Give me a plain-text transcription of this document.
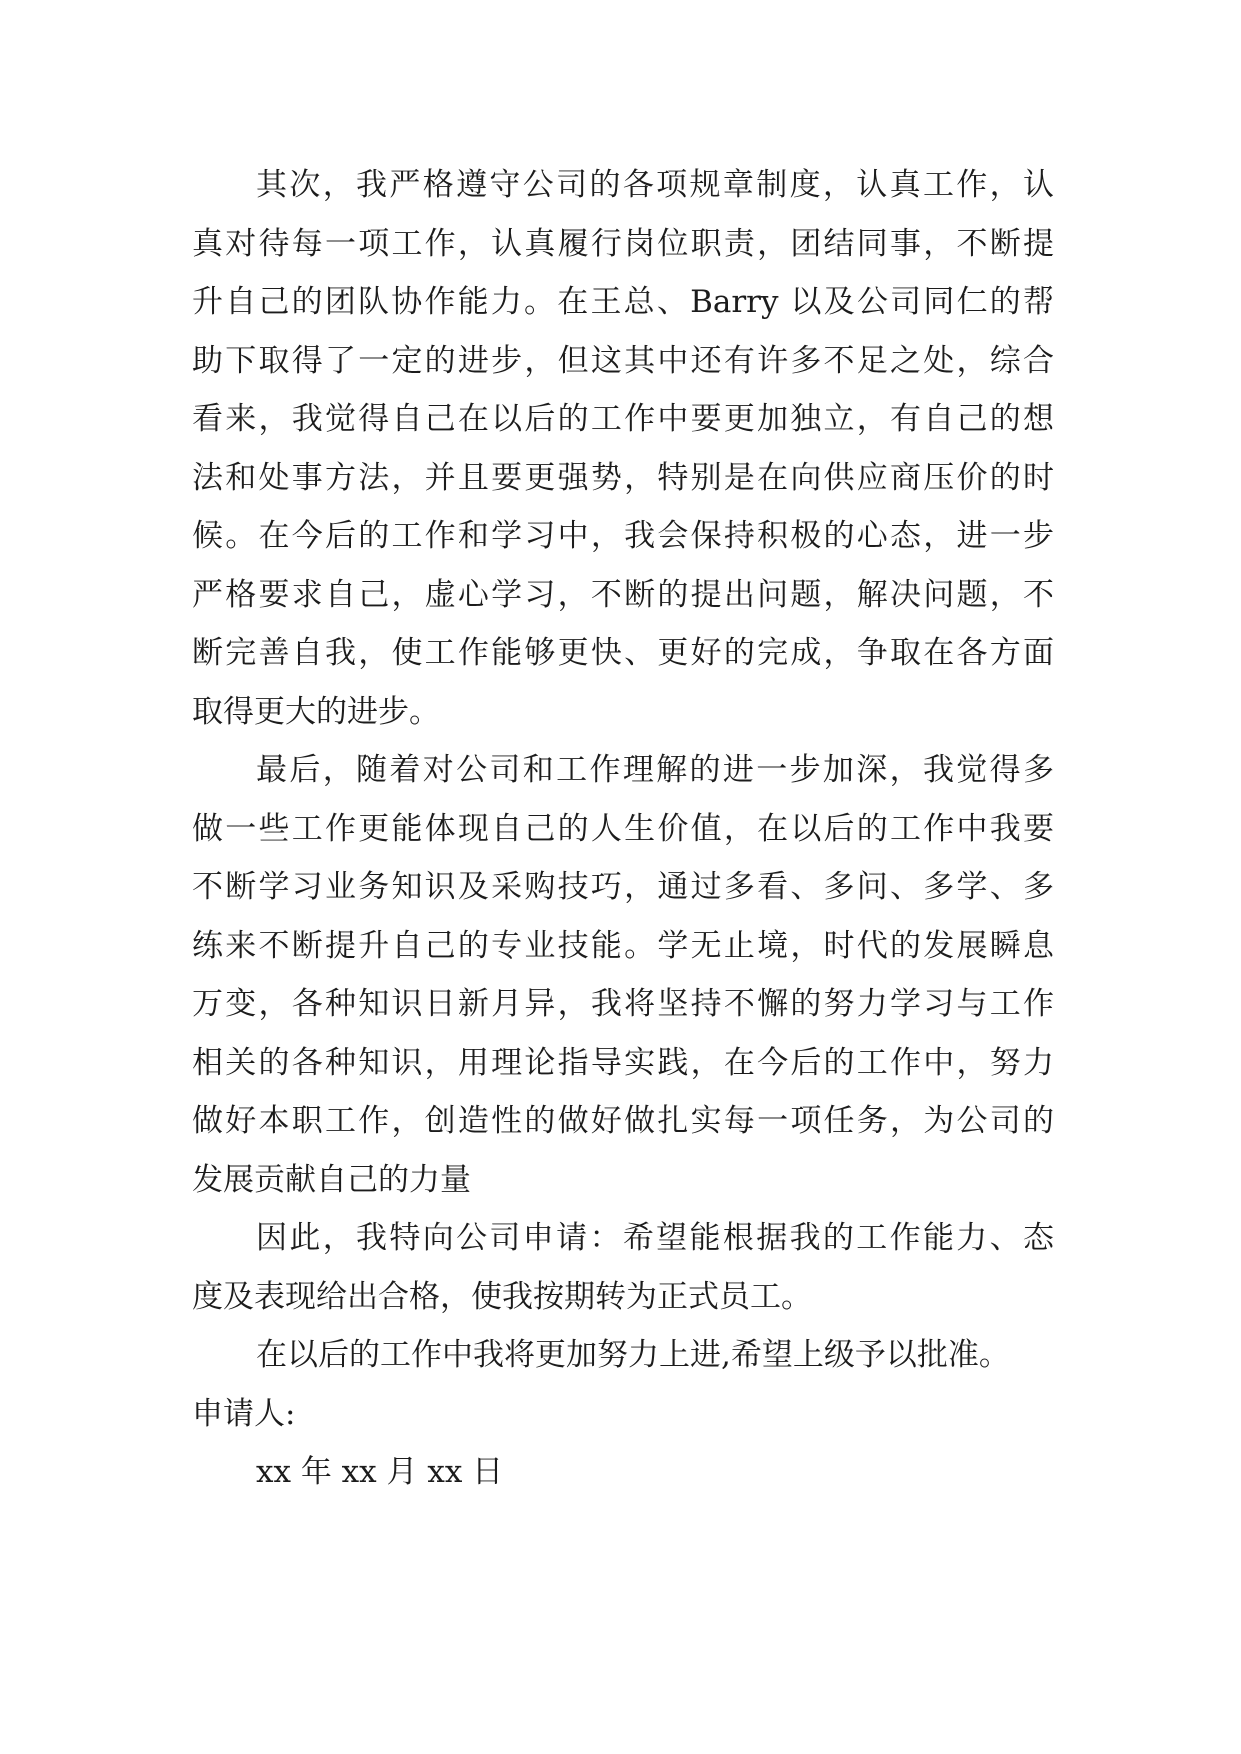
其次，我严格遵守公司的各项规章制度，认真工作，认
真对待每一项工作，认真履行岗位职责，团结同事，不断提
升自己的团队协作能力。在王总、Barry 以及公司同仁的帮
助下取得了一定的进步，但这其中还有许多不足之处，综合
看来，我觉得自己在以后的工作中要更加独立，有自己的想
法和处事方法，并且要更强势，特别是在向供应商压价的时
候。在今后的工作和学习中，我会保持积极的心态，进一步
严格要求自己，虚心学习，不断的提出问题，解决问题，不
断完善自我，使工作能够更快、更好的完成，争取在各方面
取得更大的进步。
最后，随着对公司和工作理解的进一步加深，我觉得多
做一些工作更能体现自己的人生价值，在以后的工作中我要
不断学习业务知识及采购技巧，通过多看、多问、多学、多
练来不断提升自己的专业技能。学无止境，时代的发展瞬息
万变，各种知识日新月异，我将坚持不懈的努力学习与工作
相关的各种知识，用理论指导实践，在今后的工作中，努力
做好本职工作，创造性的做好做扎实每一项任务，为公司的
发展贡献自己的力量
因此，我特向公司申请：希望能根据我的工作能力、态
度及表现给出合格，使我按期转为正式员工。
在以后的工作中我将更加努力上进,希望上级予以批准。
申请人:
xx 年 xx 月 xx 日
